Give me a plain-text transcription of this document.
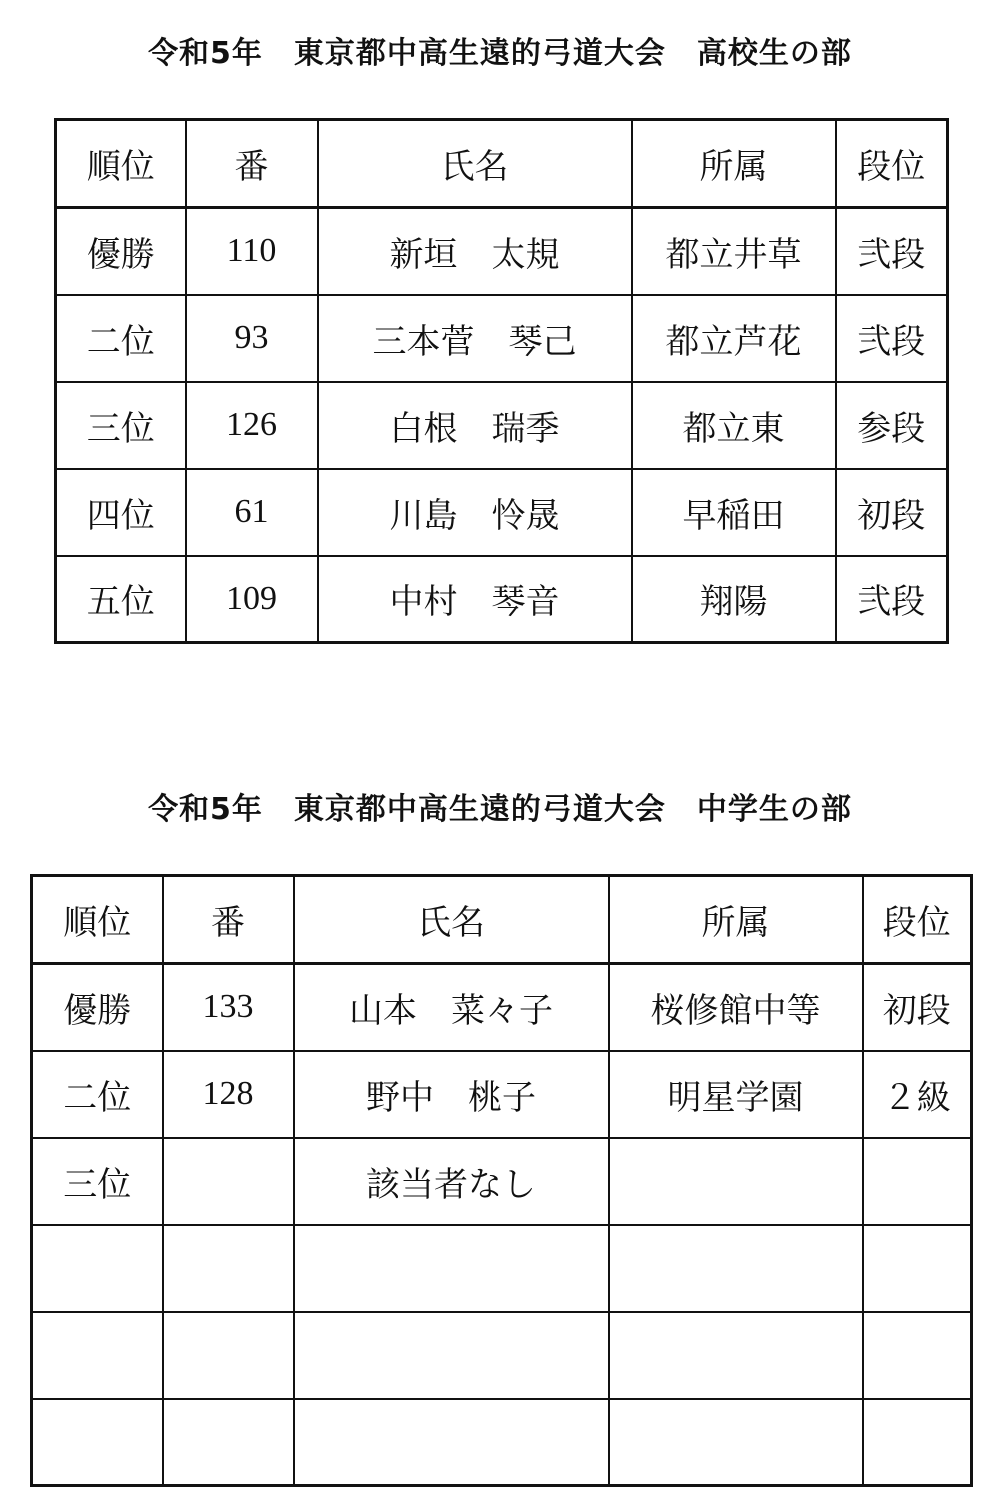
令和5年　東京都中高生遠的弓道大会　高校生の部
順位	番	氏名	所属	段位
優勝	110	新垣　太規	都立井草	弐段
二位	93	三本菅　琴己	都立芦花	弐段
三位	126	白根　瑞季	都立東	参段
四位	61	川島　怜晟	早稲田	初段
五位	109	中村　琴音	翔陽	弐段
令和5年　東京都中高生遠的弓道大会　中学生の部
順位	番	氏名	所属	段位
優勝	133	山本　菜々子	桜修館中等	初段
二位	128	野中　桃子	明星学園	２級
三位		該当者なし		
